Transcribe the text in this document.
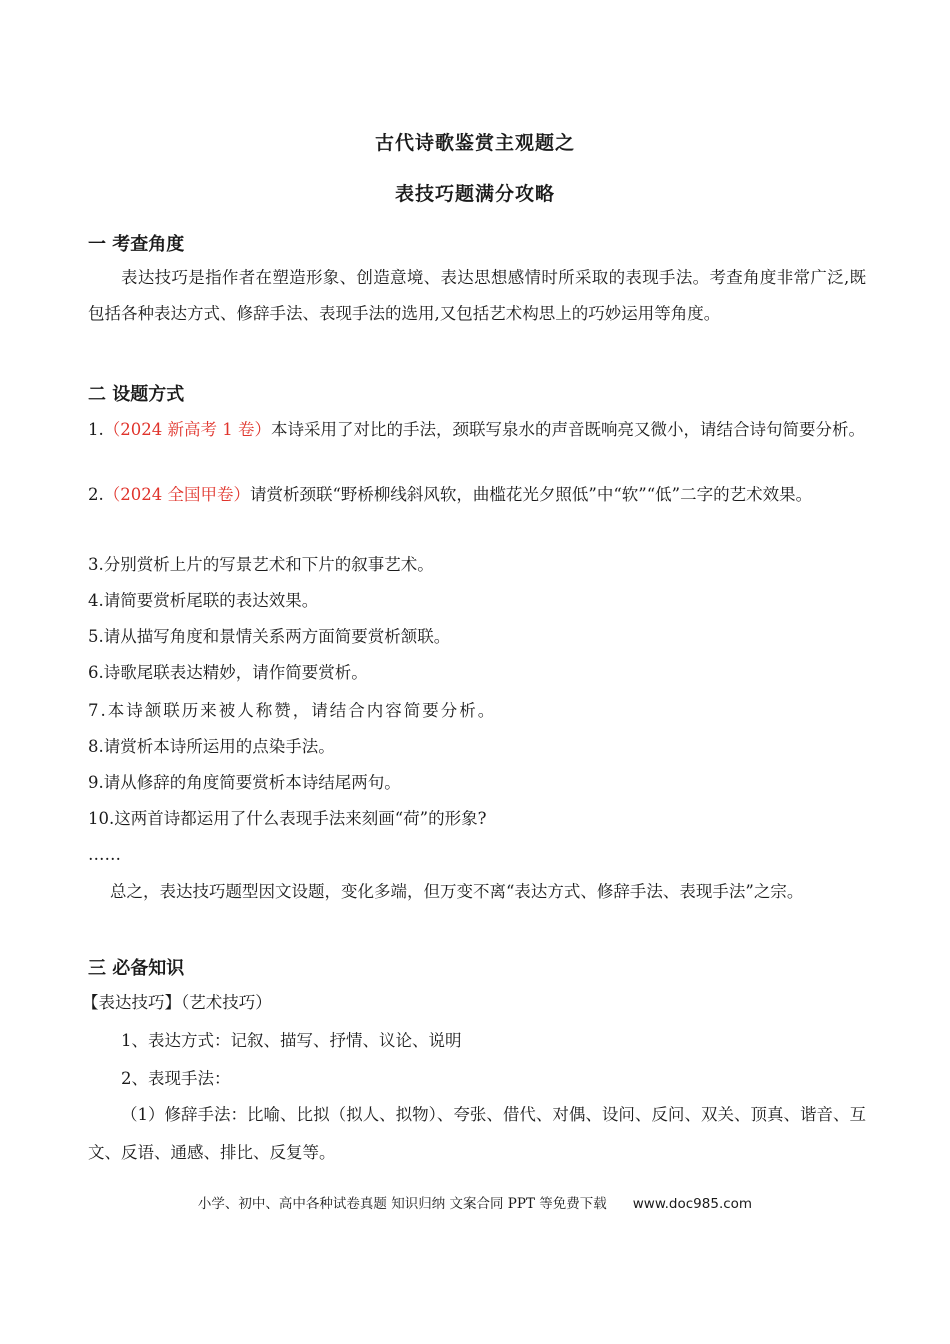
古代诗歌鉴赏主观题之
表技巧题满分攻略
一 考查角度
表达技巧是指作者在塑造形象、创造意境、表达思想感情时所采取的表现手法。考查角度非常广泛,既包括各种表达方式、修辞手法、表现手法的选用,又包括艺术构思上的巧妙运用等角度。
二 设题方式
1.（2024 新高考 1 卷）本诗采用了对比的手法，颈联写泉水的声音既响亮又微小，请结合诗句简要分析。
2.（2024 全国甲卷）请赏析颈联“野桥柳线斜风软，曲槛花光夕照低”中“软”“低”二字的艺术效果。
3.分别赏析上片的写景艺术和下片的叙事艺术。
4.请简要赏析尾联的表达效果。
5.请从描写角度和景情关系两方面简要赏析颔联。
6.诗歌尾联表达精妙，请作简要赏析。
7.本诗颔联历来被人称赞，请结合内容简要分析。
8.请赏析本诗所运用的点染手法。
9.请从修辞的角度简要赏析本诗结尾两句。
10.这两首诗都运用了什么表现手法来刻画“荷”的形象?
……
总之，表达技巧题型因文设题，变化多端，但万变不离“表达方式、修辞手法、表现手法”之宗。
三 必备知识
【表达技巧】（艺术技巧）
1、表达方式：记叙、描写、抒情、议论、说明
2、表现手法：
（1）修辞手法：比喻、比拟（拟人、拟物）、夸张、借代、对偶、设问、反问、双关、顶真、谐音、互文、反语、通感、排比、反复等。
小学、初中、高中各种试卷真题 知识归纳 文案合同 PPT 等免费下载 www.doc985.com
